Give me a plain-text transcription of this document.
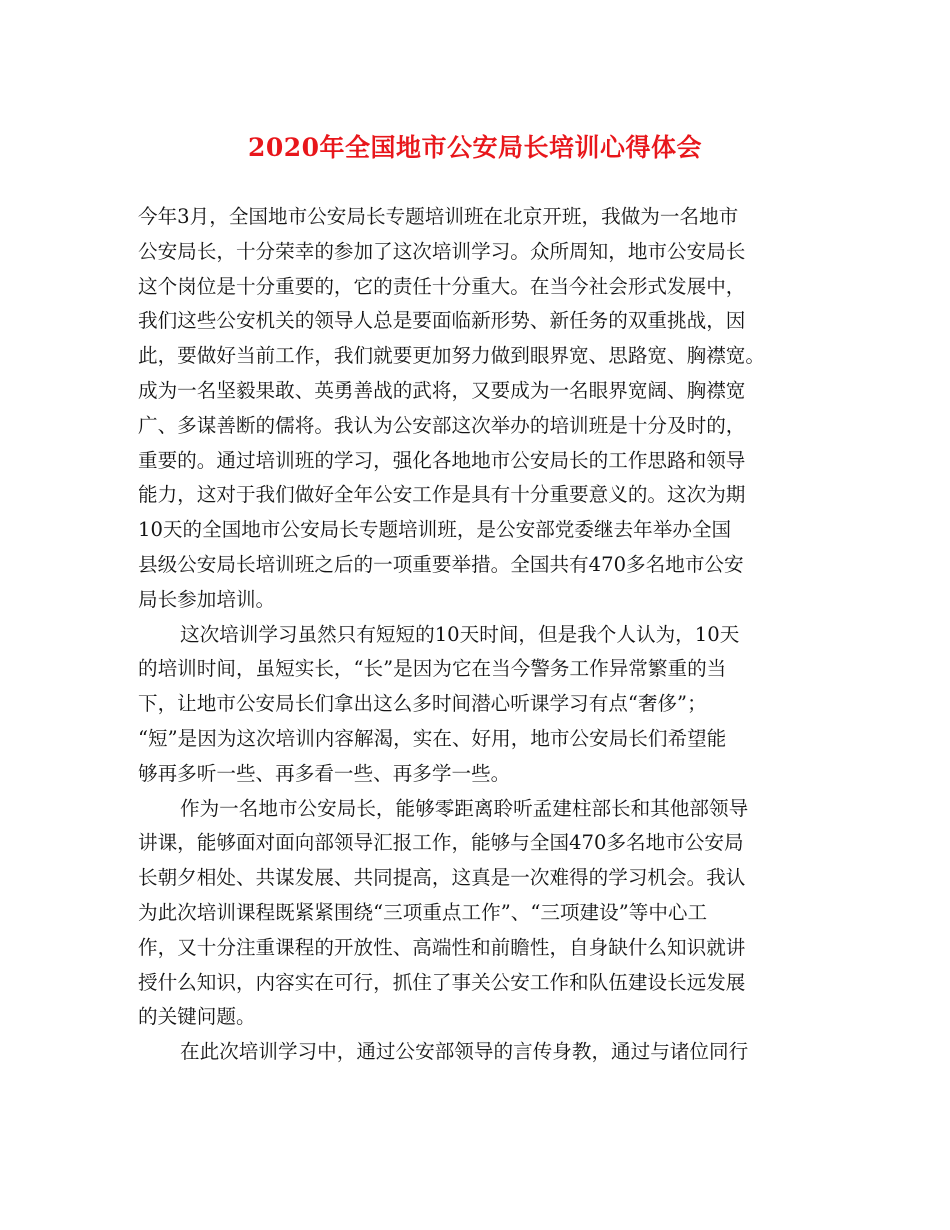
2020年全国地市公安局长培训心得体会
今年3月，全国地市公安局长专题培训班在北京开班，我做为一名地市
公安局长，十分荣幸的参加了这次培训学习。众所周知，地市公安局长
这个岗位是十分重要的，它的责任十分重大。在当今社会形式发展中，
我们这些公安机关的领导人总是要面临新形势、新任务的双重挑战，因
此，要做好当前工作，我们就要更加努力做到眼界宽、思路宽、胸襟宽。
成为一名坚毅果敢、英勇善战的武将，又要成为一名眼界宽阔、胸襟宽
广、多谋善断的儒将。我认为公安部这次举办的培训班是十分及时的，
重要的。通过培训班的学习，强化各地地市公安局长的工作思路和领导
能力，这对于我们做好全年公安工作是具有十分重要意义的。这次为期
10天的全国地市公安局长专题培训班，是公安部党委继去年举办全国
县级公安局长培训班之后的一项重要举措。全国共有470多名地市公安
局长参加培训。
这次培训学习虽然只有短短的10天时间，但是我个人认为，10天
的培训时间，虽短实长，“长”是因为它在当今警务工作异常繁重的当
下，让地市公安局长们拿出这么多时间潜心听课学习有点“奢侈”；
“短”是因为这次培训内容解渴，实在、好用，地市公安局长们希望能
够再多听一些、再多看一些、再多学一些。
作为一名地市公安局长，能够零距离聆听孟建柱部长和其他部领导
讲课，能够面对面向部领导汇报工作，能够与全国470多名地市公安局
长朝夕相处、共谋发展、共同提高，这真是一次难得的学习机会。我认
为此次培训课程既紧紧围绕“三项重点工作”、“三项建设”等中心工
作，又十分注重课程的开放性、高端性和前瞻性，自身缺什么知识就讲
授什么知识，内容实在可行，抓住了事关公安工作和队伍建设长远发展
的关键问题。
在此次培训学习中，通过公安部领导的言传身教，通过与诸位同行
